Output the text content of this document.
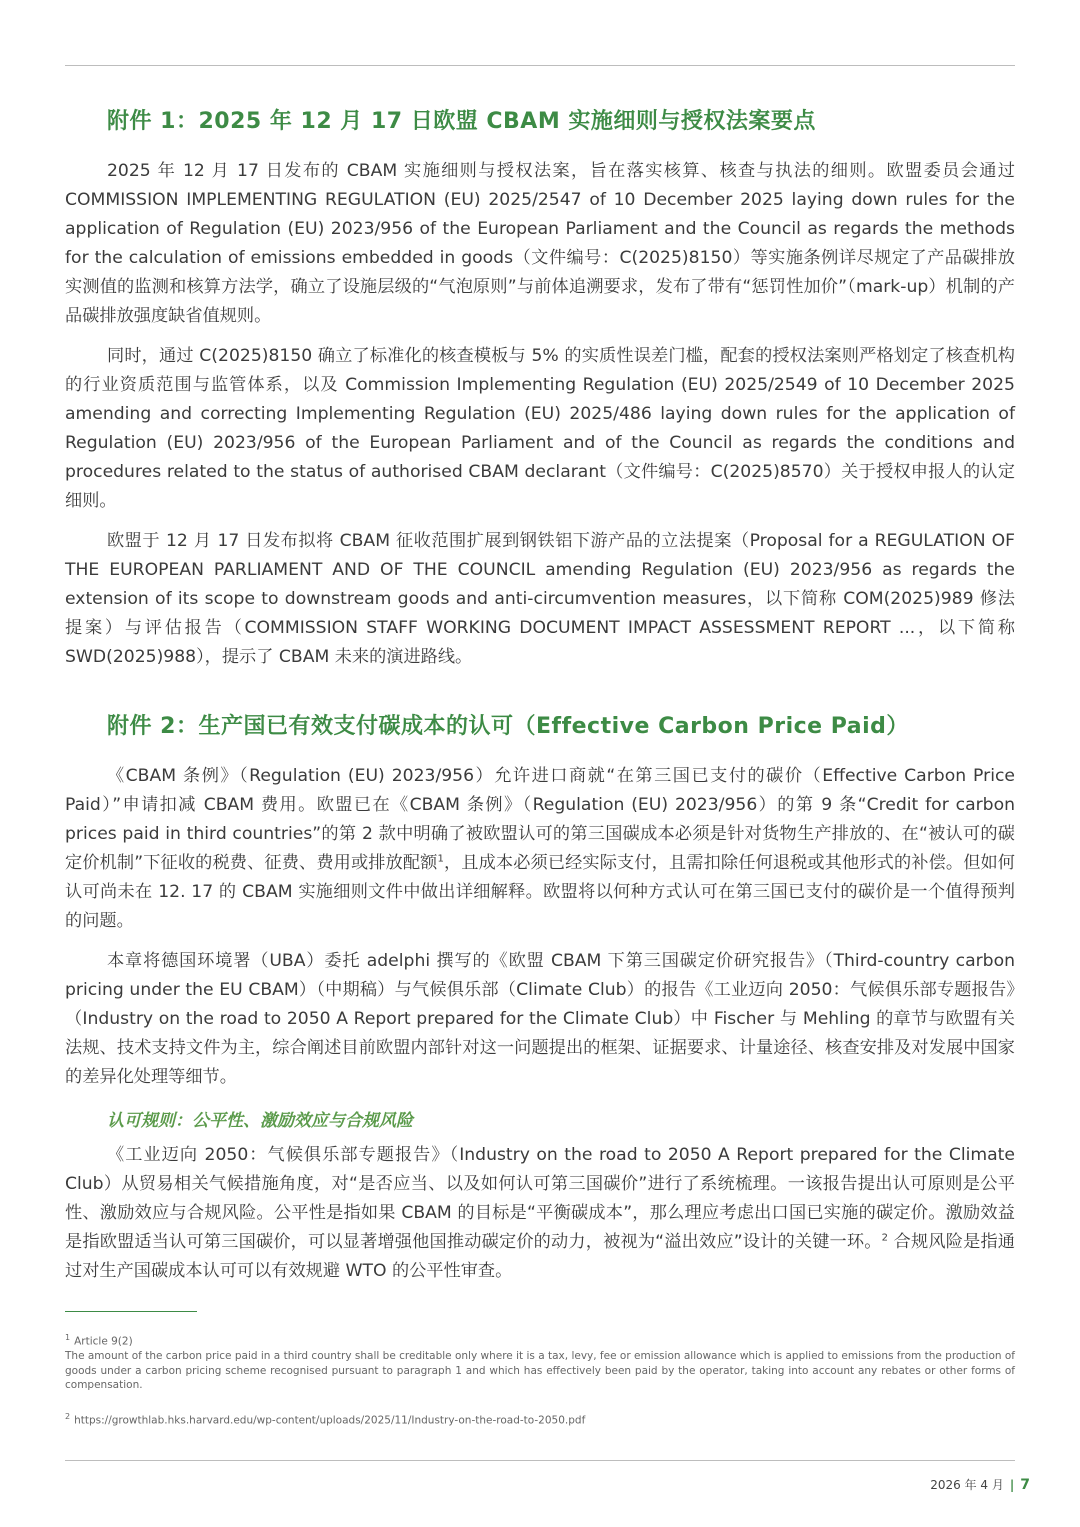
附件 1：2025 年 12 月 17 日欧盟 CBAM 实施细则与授权法案要点

2025 年 12 月 17 日发布的 CBAM 实施细则与授权法案，旨在落实核算、核查与执法的细则。欧盟委员会通过 COMMISSION IMPLEMENTING REGULATION (EU) 2025/2547 of 10 December 2025 laying down rules for the application of Regulation (EU) 2023/956 of the European Parliament and the Council as regards the methods for the calculation of emissions embedded in goods（文件编号：C(2025)8150）等实施条例详尽规定了产品碳排放实测值的监测和核算方法学，确立了设施层级的“气泡原则”与前体追溯要求，发布了带有“惩罚性加价”（mark-up）机制的产品碳排放强度缺省值规则。

同时，通过 C(2025)8150 确立了标准化的核查模板与 5% 的实质性误差门槛，配套的授权法案则严格划定了核查机构的行业资质范围与监管体系，以及 Commission Implementing Regulation (EU) 2025/2549 of 10 December 2025 amending and correcting Implementing Regulation (EU) 2025/486 laying down rules for the application of Regulation (EU) 2023/956 of the European Parliament and of the Council as regards the conditions and procedures related to the status of authorised CBAM declarant（文件编号：C(2025)8570）关于授权申报人的认定细则。

欧盟于 12 月 17 日发布拟将 CBAM 征收范围扩展到钢铁铝下游产品的立法提案（Proposal for a REGULATION OF THE EUROPEAN PARLIAMENT AND OF THE COUNCIL amending Regulation (EU) 2023/956 as regards the extension of its scope to downstream goods and anti-circumvention measures，以下简称 COM(2025)989 修法提案）与评估报告（COMMISSION STAFF WORKING DOCUMENT IMPACT ASSESSMENT REPORT ...，以下简称 SWD(2025)988），提示了 CBAM 未来的演进路线。

附件 2：生产国已有效支付碳成本的认可（Effective Carbon Price Paid）

《CBAM 条例》（Regulation (EU) 2023/956）允许进口商就“在第三国已支付的碳价（Effective Carbon Price Paid）”申请扣减 CBAM 费用。欧盟已在《CBAM 条例》（Regulation (EU) 2023/956）的第 9 条“Credit for carbon prices paid in third countries”的第 2 款中明确了被欧盟认可的第三国碳成本必须是针对货物生产排放的、在“被认可的碳定价机制”下征收的税费、征费、费用或排放配额$^1$，且成本必须已经实际支付，且需扣除任何退税或其他形式的补偿。但如何认可尚未在 12. 17 的 CBAM 实施细则文件中做出详细解释。欧盟将以何种方式认可在第三国已支付的碳价是一个值得预判的问题。

本章将德国环境署（UBA）委托 adelphi 撰写的《欧盟 CBAM 下第三国碳定价研究报告》（Third-country carbon pricing under the EU CBAM）（中期稿）与气候俱乐部（Climate Club）的报告《工业迈向 2050：气候俱乐部专题报告》（Industry on the road to 2050 A Report prepared for the Climate Club）中 Fischer 与 Mehling 的章节与欧盟有关法规、技术支持文件为主，综合阐述目前欧盟内部针对这一问题提出的框架、证据要求、计量途径、核查安排及对发展中国家的差异化处理等细节。

认可规则：公平性、激励效应与合规风险

《工业迈向 2050：气候俱乐部专题报告》（Industry on the road to 2050 A Report prepared for the Climate Club）从贸易相关气候措施角度，对“是否应当、以及如何认可第三国碳价”进行了系统梳理。一该报告提出认可原则是公平性、激励效应与合规风险。公平性是指如果 CBAM 的目标是“平衡碳成本”，那么理应考虑出口国已实施的碳定价。激励效益是指欧盟适当认可第三国碳价，可以显著增强他国推动碳定价的动力，被视为“溢出效应”设计的关键一环。$^2$ 合规风险是指通过对生产国碳成本认可可以有效规避 WTO 的公平性审查。

$^1$ Article 9(2)
The amount of the carbon price paid in a third country shall be creditable only where it is a tax, levy, fee or emission allowance which is applied to emissions from the production of goods under a carbon pricing scheme recognised pursuant to paragraph 1 and which has effectively been paid by the operator, taking into account any rebates or other forms of compensation.
$^2$ https://growthlab.hks.harvard.edu/wp-content/uploads/2025/11/Industry-on-the-road-to-2050.pdf
2026 年 4 月 | 7
